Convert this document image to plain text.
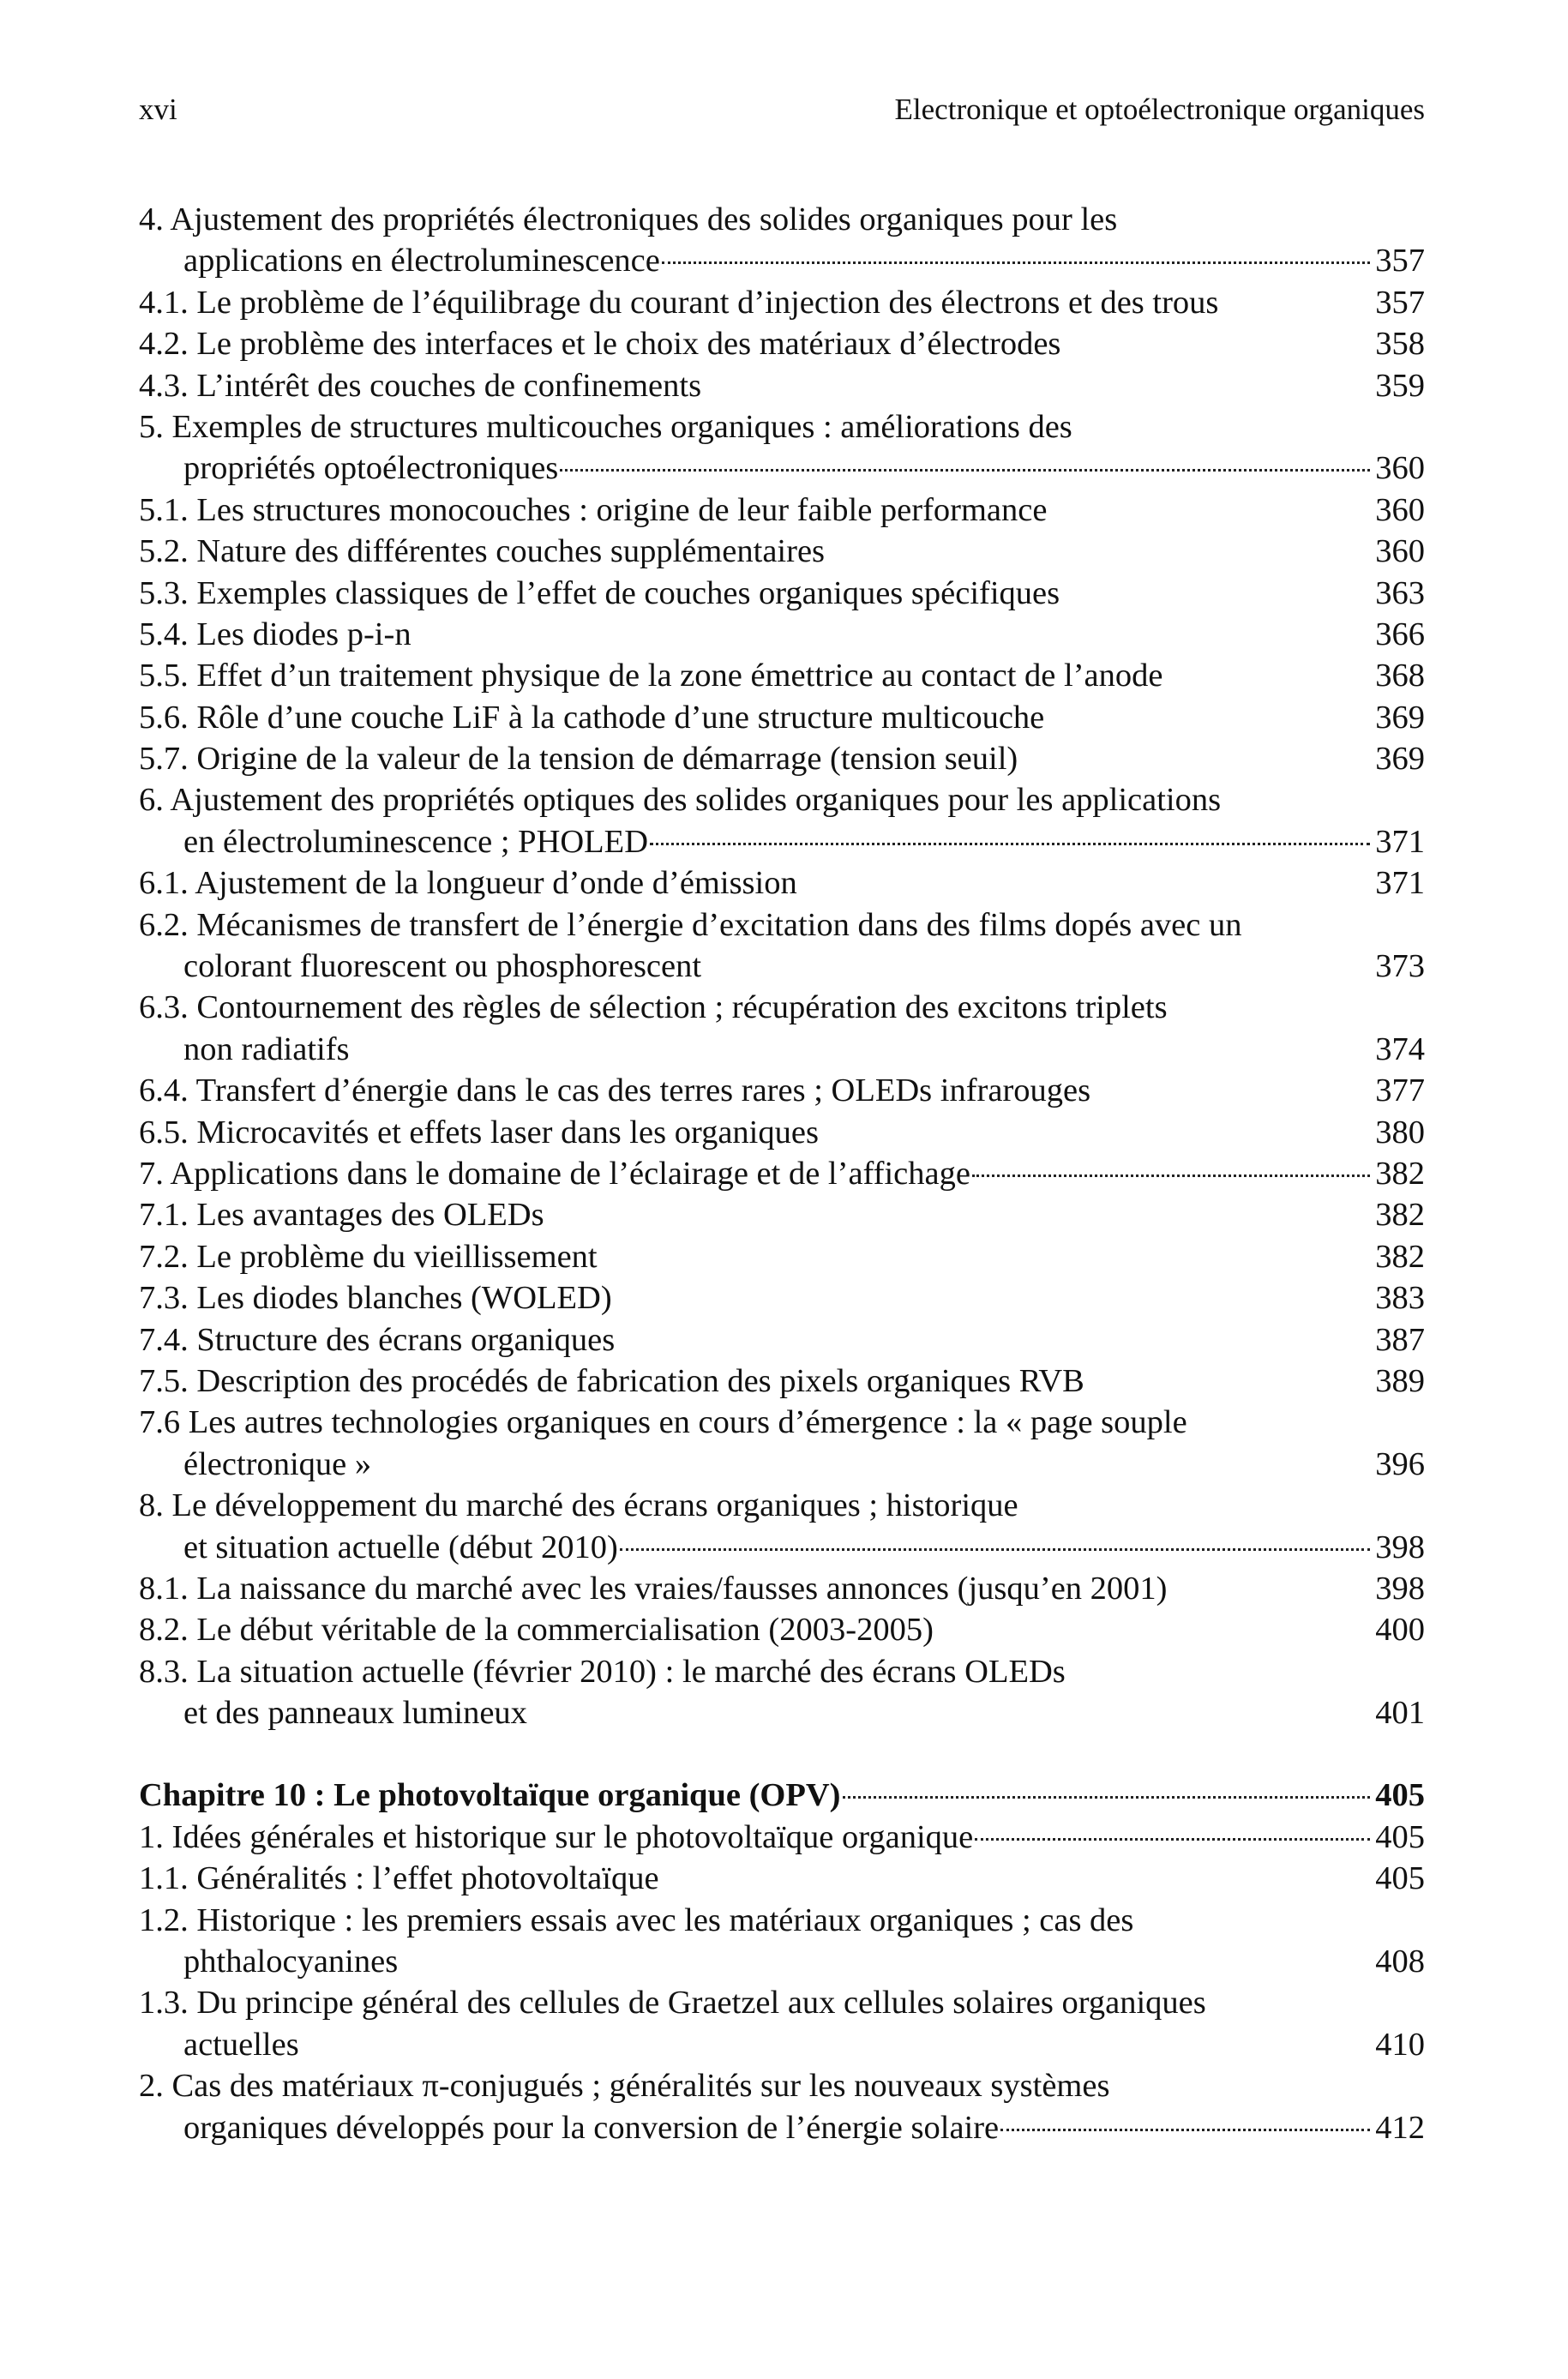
xvi	Electronique et optoélectronique organiques
4. Ajustement des propriétés électroniques des solides organiques pour les
applications en électroluminescence	357
4.1. Le problème de l’équilibrage du courant d’injection des électrons et des trous	357
4.2. Le problème des interfaces et le choix des matériaux d’électrodes	358
4.3. L’intérêt des couches de confinements	359
5. Exemples de structures multicouches organiques : améliorations des
propriétés optoélectroniques	360
5.1. Les structures monocouches : origine de leur faible performance	360
5.2. Nature des différentes couches supplémentaires	360
5.3. Exemples classiques de l’effet de couches organiques spécifiques	363
5.4. Les diodes p-i-n	366
5.5. Effet d’un traitement physique de la zone émettrice au contact de l’anode	368
5.6. Rôle d’une couche LiF à la cathode d’une structure multicouche	369
5.7. Origine de la valeur de la tension de démarrage (tension seuil)	369
6. Ajustement des propriétés optiques des solides organiques pour les applications
en électroluminescence ; PHOLED	371
6.1. Ajustement de la longueur d’onde d’émission	371
6.2. Mécanismes de transfert de l’énergie d’excitation dans des films dopés avec un
colorant fluorescent ou phosphorescent	373
6.3. Contournement des règles de sélection ; récupération des excitons triplets
non radiatifs	374
6.4. Transfert d’énergie dans le cas des terres rares ; OLEDs infrarouges	377
6.5. Microcavités et effets laser dans les organiques	380
7. Applications dans le domaine de l’éclairage et de l’affichage	382
7.1. Les avantages des OLEDs	382
7.2. Le problème du vieillissement	382
7.3. Les diodes blanches (WOLED)	383
7.4. Structure des écrans organiques	387
7.5. Description des procédés de fabrication des pixels organiques RVB	389
7.6 Les autres technologies organiques en cours d’émergence : la « page souple
électronique »	396
8. Le développement du marché des écrans organiques ; historique
et situation actuelle (début 2010)	398
8.1. La naissance du marché avec les vraies/fausses annonces (jusqu’en 2001)	398
8.2. Le début véritable de la commercialisation (2003-2005)	400
8.3. La situation actuelle (février 2010) : le marché des écrans OLEDs
et des panneaux lumineux	401
Chapitre 10 : Le photovoltaïque organique (OPV)	405
1. Idées générales et historique sur le photovoltaïque organique	405
1.1. Généralités : l’effet photovoltaïque	405
1.2. Historique : les premiers essais avec les matériaux organiques ; cas des
phthalocyanines	408
1.3. Du principe général des cellules de Graetzel aux cellules solaires organiques
actuelles	410
2. Cas des matériaux π-conjugués ; généralités sur les nouveaux systèmes
organiques développés pour la conversion de l’énergie solaire	412
